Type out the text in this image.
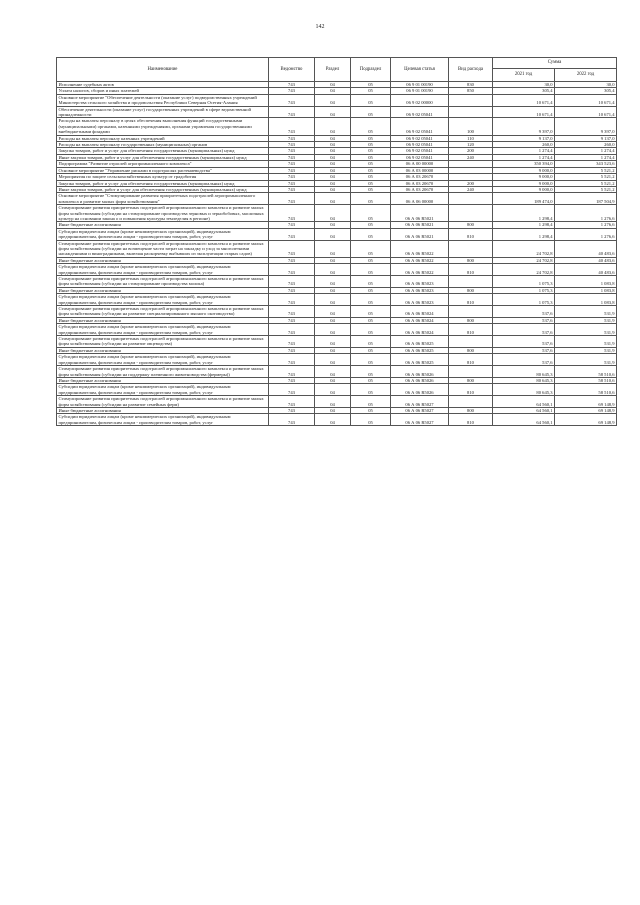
142
Наименование	Ведомство	Раздел	Подраздел	Целевая статья	Вид расхода	Сумма	
						2021 год	2022 год
Исполнение судебных актов	743	04	05	06 9 01 00190	830	30,0	30,0
Уплата налогов, сборов и иных платежей	743	04	05	06 9 01 00190	850	305,4	305,4
Основное мероприятие "Обеспечение деятельности (оказание услуг) подведомственных учреждений Министерства сельского хозяйства и продовольствия Республики Северная Осетия-Алания	743	04	05	06 9 02 00000		10 671,4	10 671,4
Обеспечение деятельности (оказание услуг) государственных учреждений в сфере ведомственной принадлежности	743	04	05	06 9 02 05041		10 671,4	10 671,4
Расходы на выплаты персоналу в целях обеспечения выполнения функций государственными (муниципальными) органами, казенными учреждениями, органами управления государственными внебюджетными фондами	743	04	05	06 9 02 05041	100	9 397,0	9 397,0
Расходы на выплаты персоналу казенных учреждений	743	04	05	06 9 02 05041	110	9 137,0	9 137,0
Расходы на выплаты персоналу государственных (муниципальных) органов	743	04	05	06 9 02 05041	120	260,0	260,0
Закупка товаров, работ и услуг для обеспечения государственных (муниципальных) нужд	743	04	05	06 9 02 05041	200	1 274,4	1 274,4
Иные закупки товаров, работ и услуг для обеспечения государственных (муниципальных) нужд	743	04	05	06 9 02 05041	240	1 274,4	1 274,4
Подпрограмма "Развитие отраслей агропромышленного комплекса"	743	04	05	06 А 00 00000		350 394,0	343 523,6
Основное мероприятие "Управление рисками в подотраслях растениеводства"	743	04	05	06 А 03 00000		9 000,0	5 521,2
Мероприятия по защите сельскохозяйственных культур от градобития	743	04	05	06 А 03 20670		9 000,0	5 521,2
Закупка товаров, работ и услуг для обеспечения государственных (муниципальных) нужд	743	04	05	06 А 03 20670	200	9 000,0	5 521,2
Иные закупки товаров, работ и услуг для обеспечения государственных (муниципальных) нужд	743	04	05	06 А 03 20670	240	9 000,0	5 521,2
Основное мероприятие "Стимулирование развития приоритетных подотраслей агропромышленного комплекса и развитие малых форм хозяйствования"	743	04	05	06 А 06 00000		189 474,0	187 504,9
Стимулирование развития приоритетных подотраслей агропромышленного комплекса и развитие малых форм хозяйствования (субсидии на стимулирование производства зерновых и зернобобовых, масличных культур на основании закона о и повышения культуры земледелия в регионе)	743	04	05	06 А 06 R5021		1 298,4	1 276,6
Иные бюджетные ассигнования	743	04	05	06 А 06 R5021	800	1 298,4	1 276,6
Субсидии юридическим лицам (кроме некоммерческих организаций), индивидуальным предпринимателям, физическим лицам - производителям товаров, работ, услуг	743	04	05	06 А 06 R5021	810	1 298,4	1 276,6
Стимулирование развития приоритетных подотраслей агропромышленного комплекса и развитие малых форм хозяйствования (субсидии на возмещение части затрат на закладку и уход за многолетними насаждениями и виноградниками, включая раскорчевку выбывших из эксплуатации старых садов)	743	04	05	06 А 06 R5022		24 702,8	40 483,6
Иные бюджетные ассигнования	743	04	05	06 А 06 R5022	800	24 702,8	40 483,6
Субсидии юридическим лицам (кроме некоммерческих организаций), индивидуальным предпринимателям, физическим лицам - производителям товаров, работ, услуг	743	04	05	06 А 06 R5022	810	24 702,8	40 483,6
Стимулирование развития приоритетных подотраслей агропромышленного комплекса и развитие малых форм хозяйствования (субсидии на стимулирование производства молока)	743	04	05	06 А 06 R5023		1 075,3	1 083,8
Иные бюджетные ассигнования	743	04	05	06 А 06 R5023	800	1 075,3	1 083,8
Субсидии юридическим лицам (кроме некоммерческих организаций), индивидуальным предпринимателям, физическим лицам - производителям товаров, работ, услуг	743	04	05	06 А 06 R5023	810	1 075,3	1 083,8
Стимулирование развития приоритетных подотраслей агропромышленного комплекса и развитие малых форм хозяйствования (субсидии на развитие специализированного мясного скотоводства)	743	04	05	06 А 06 R5024		537,6	531,9
Иные бюджетные ассигнования	743	04	05	06 А 06 R5024	800	537,6	531,9
Субсидии юридическим лицам (кроме некоммерческих организаций), индивидуальным предпринимателям, физическим лицам - производителям товаров, работ, услуг	743	04	05	06 А 06 R5024	810	537,6	531,9
Стимулирование развития приоритетных подотраслей агропромышленного комплекса и развитие малых форм хозяйствования (субсидии на развитие овцеводства)	743	04	05	06 А 06 R5025		537,6	531,9
Иные бюджетные ассигнования	743	04	05	06 А 06 R5025	800	537,6	531,9
Субсидии юридическим лицам (кроме некоммерческих организаций), индивидуальным предпринимателям, физическим лицам - производителям товаров, работ, услуг	743	04	05	06 А 06 R5025	810	537,6	531,9
Стимулирование развития приоритетных подотраслей агропромышленного комплекса и развитие малых форм хозяйствования (субсидии на поддержку племенного животноводства (фермеры))	743	04	05	06 А 06 R5026		80 645,3	58 510,6
Иные бюджетные ассигнования	743	04	05	06 А 06 R5026	800	80 645,3	58 510,6
Субсидии юридическим лицам (кроме некоммерческих организаций), индивидуальным предпринимателям, физическим лицам - производителям товаров, работ, услуг	743	04	05	06 А 06 R5026	810	80 645,3	58 510,6
Стимулирование развития приоритетных подотраслей агропромышленного комплекса и развитие малых форм хозяйствования (субсидии на развитие семейных ферм)	743	04	05	06 А 06 R5027		64 560,1	69 148,9
Иные бюджетные ассигнования	743	04	05	06 А 06 R5027	800	64 560,1	69 148,9
Субсидии юридическим лицам (кроме некоммерческих организаций), индивидуальным предпринимателям, физическим лицам - производителям товаров, работ, услуг	743	04	05	06 А 06 R5027	810	64 560,1	69 148,9
